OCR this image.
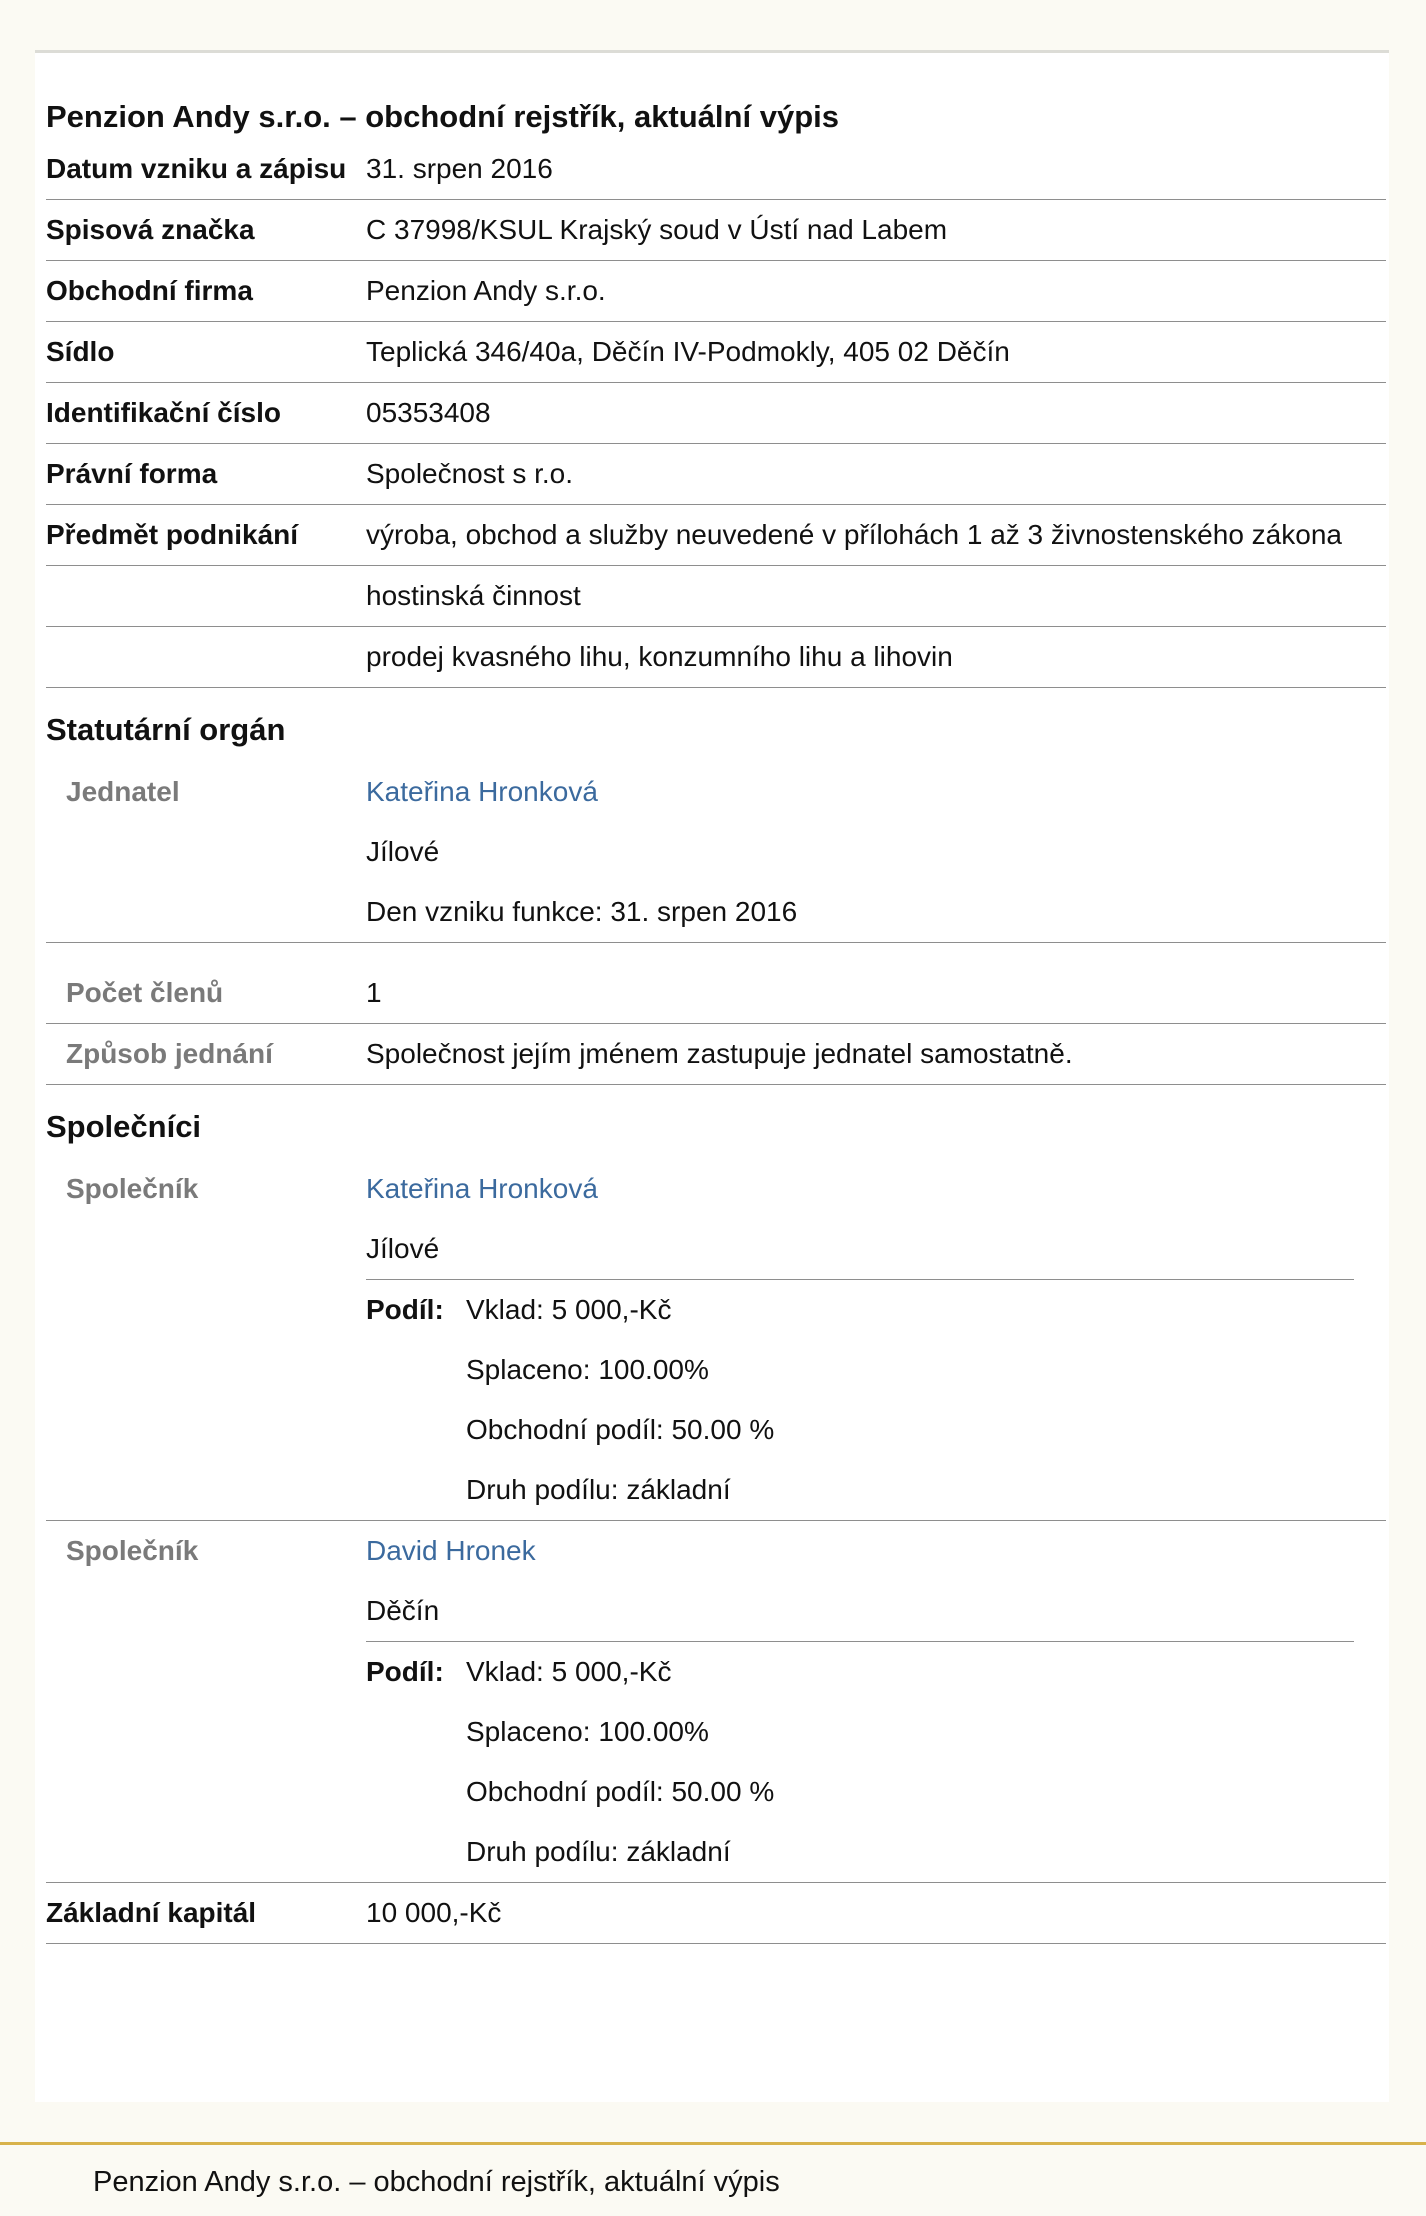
Penzion Andy s.r.o. – obchodní rejstřík, aktuální výpis
Datum vzniku a zápisu 31. srpen 2016
Spisová značka	C 37998/KSUL Krajský soud v Ústí nad Labem
Obchodní firma	Penzion Andy s.r.o.
Sídlo	Teplická 346/40a, Děčín IV-Podmokly, 405 02 Děčín
Identifikační číslo	05353408
Právní forma	Společnost s r.o.
Předmět podnikání	výroba, obchod a služby neuvedené v přílohách 1 až 3 živnostenského zákona
hostinská činnost
prodej kvasného lihu, konzumního lihu a lihovin
Statutární orgán
Jednatel	Kateřina Hronková
Jílové
Den vzniku funkce: 31. srpen 2016
Počet členů	1
Způsob jednání	Společnost jejím jménem zastupuje jednatel samostatně.
Společníci
Společník	Kateřina Hronková
Jílové
Podíl: Vklad: 5 000,-Kč
Splaceno: 100.00%
Obchodní podíl: 50.00 %
Druh podílu: základní
Společník	David Hronek
Děčín
Podíl: Vklad: 5 000,-Kč
Splaceno: 100.00%
Obchodní podíl: 50.00 %
Druh podílu: základní
Základní kapitál	10 000,-Kč
Penzion Andy s.r.o. – obchodní rejstřík, aktuální výpis
